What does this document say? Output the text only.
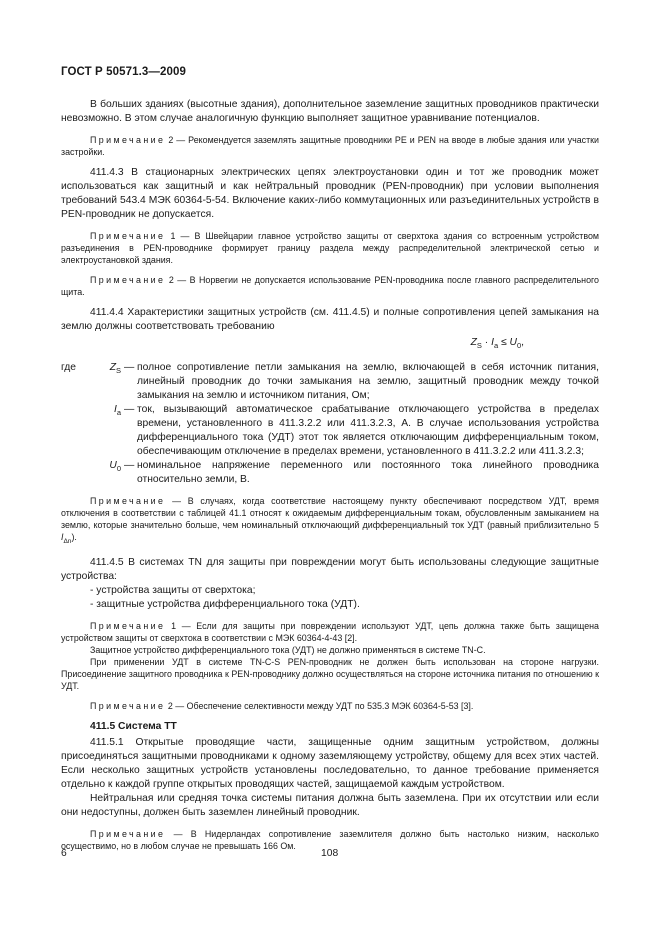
ГОСТ Р 50571.3—2009

В больших зданиях (высотные здания), дополнительное заземление защитных проводников практически невозможно. В этом случае аналогичную функцию выполняет защитное уравнивание потенциалов.

Примечание 2 — Рекомендуется заземлять защитные проводники PE и PEN на вводе в любые здания или участки застройки.

411.4.3 В стационарных электрических цепях электроустановки один и тот же проводник может использоваться как защитный и как нейтральный проводник (PEN-проводник) при условии выполнения требований 543.4 МЭК 60364-5-54. Включение каких-либо коммутационных или разъединительных устройств в PEN-проводник не допускается.

Примечание 1 — В Швейцарии главное устройство защиты от сверхтока здания со встроенным устройством разъединения в PEN-проводнике формирует границу раздела между распределительной электрической сетью и электроустановкой здания.

Примечание 2 — В Норвегии не допускается использование PEN-проводника после главного распределительного щита.

411.4.4 Характеристики защитных устройств (см. 411.4.5) и полные сопротивления цепей замыкания на землю должны соответствовать требованию

$Z_S \cdot I_a \le U_0$,
где	$Z_S$ — полное сопротивление петли замыкания на землю, включающей в себя источник питания, линейный проводник до точки замыкания на землю, защитный проводник между точкой замыкания на землю и источником питания, Ом;
$I_a$ — ток, вызывающий автоматическое срабатывание отключающего устройства в пределах времени, установленного в 411.3.2.2 или 411.3.2.3, А. В случае использования устройства дифференциального тока (УДТ) этот ток является отключающим дифференциальным током, обеспечивающим отключение в пределах времени, установленного в 411.3.2.2 или 411.3.2.3;
$U_0$ — номинальное напряжение переменного или постоянного тока линейного проводника относительно земли, В.

Примечание — В случаях, когда соответствие настоящему пункту обеспечивают посредством УДТ, время отключения в соответствии с таблицей 41.1 относят к ожидаемым дифференциальным токам, обусловленным замыканием на землю, которые значительно больше, чем номинальный отключающий дифференциальный ток УДТ (равный приблизительно 5 $I_{\Delta n}$).

411.4.5 В системах TN для защиты при повреждении могут быть использованы следующие защитные устройства:

- устройства защиты от сверхтока;
- защитные устройства дифференциального тока (УДТ).

Примечание 1 — Если для защиты при повреждении используют УДТ, цепь должна также быть защищена устройством защиты от сверхтока в соответствии с МЭК 60364-4-43 [2].

Защитное устройство дифференциального тока (УДТ) не должно применяться в системе TN-C.

При применении УДТ в системе TN-C-S PEN-проводник не должен быть использован на стороне нагрузки. Присоединение защитного проводника к PEN-проводнику должно осуществляться на стороне источника питания по отношению к УДТ.

Примечание 2 — Обеспечение селективности между УДТ по 535.3 МЭК 60364-5-53 [3].

411.5 Система ТТ

411.5.1 Открытые проводящие части, защищенные одним защитным устройством, должны присоединяться защитными проводниками к одному заземляющему устройству, общему для всех этих частей. Если несколько защитных устройств установлены последовательно, то данное требование применяется отдельно к каждой группе открытых проводящих частей, защищаемой каждым устройством.

Нейтральная или средняя точка системы питания должна быть заземлена. При их отсутствии или если они недоступны, должен быть заземлен линейный проводник.

Примечание — В Нидерландах сопротивление заземлителя должно быть настолько низким, насколько осуществимо, но в любом случае не превышать 166 Ом.

6	108
